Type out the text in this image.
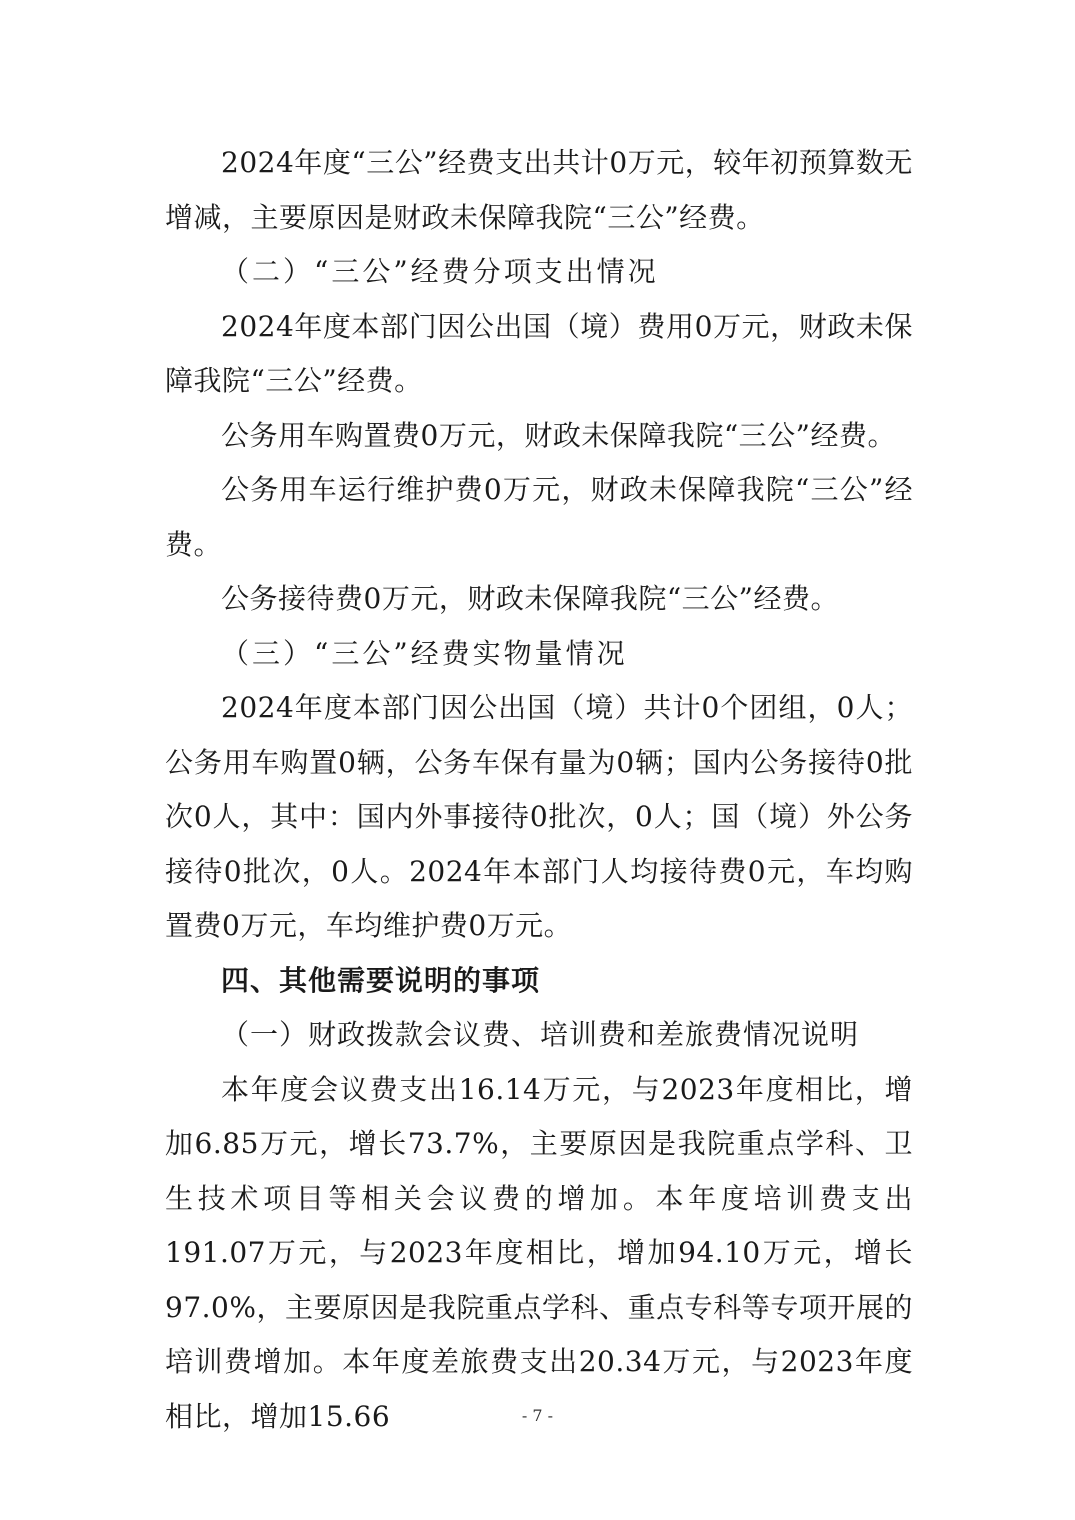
2024年度“三公”经费支出共计0万元，较年初预算数无增减，主要原因是财政未保障我院“三公”经费。

（二）“三公”经费分项支出情况

2024年度本部门因公出国（境）费用0万元，财政未保障我院“三公”经费。

公务用车购置费0万元，财政未保障我院“三公”经费。

公务用车运行维护费0万元，财政未保障我院“三公”经费。

公务接待费0万元，财政未保障我院“三公”经费。

（三）“三公”经费实物量情况

2024年度本部门因公出国（境）共计0个团组，0人；公务用车购置0辆，公务车保有量为0辆；国内公务接待0批次0人，其中：国内外事接待0批次，0人；国（境）外公务接待0批次，0人。2024年本部门人均接待费0元，车均购置费0万元，车均维护费0万元。

四、其他需要说明的事项

（一）财政拨款会议费、培训费和差旅费情况说明

本年度会议费支出16.14万元，与2023年度相比，增加6.85万元，增长73.7%，主要原因是我院重点学科、卫生技术项目等相关会议费的增加。本年度培训费支出191.07万元，与2023年度相比，增加94.10万元，增长97.0%，主要原因是我院重点学科、重点专科等专项开展的培训费增加。本年度差旅费支出20.34万元，与2023年度相比，增加15.66	- 7 -
